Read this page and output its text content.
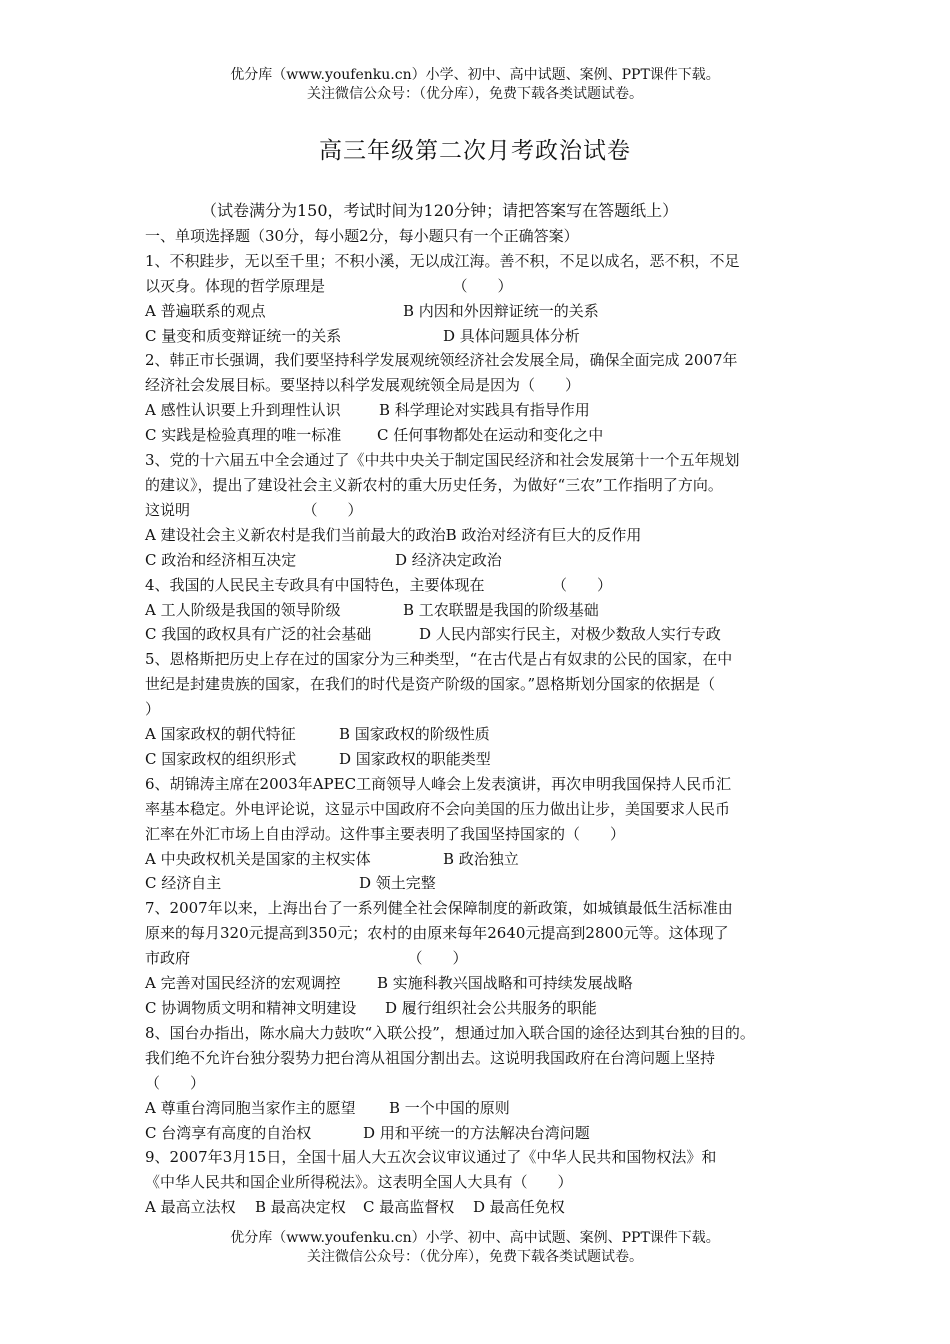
优分库（www.youfenku.cn）小学、初中、高中试题、案例、PPT课件下载。
关注微信公众号：（优分库），免费下载各类试题试卷。
高三年级第二次月考政治试卷
（试卷满分为150，考试时间为120分钟；请把答案写在答题纸上）
一、单项选择题（30分，每小题2分，每小题只有一个正确答案）
1、不积跬步，无以至千里；不积小溪，无以成江海。善不积，不足以成名，恶不积，不足
以灭身。体现的哲学原理是　　　　　　　　　（　　）
A 普遍联系的观点	B 内因和外因辩证统一的关系
C 量变和质变辩证统一的关系	D 具体问题具体分析
2、韩正市长强调，我们要坚持科学发展观统领经济社会发展全局，确保全面完成 2007年
经济社会发展目标。要坚持以科学发展观统领全局是因为（　　）
A 感性认识要上升到理性认识	B 科学理论对实践具有指导作用
C 实践是检验真理的唯一标准 C 任何事物都处在运动和变化之中
3、党的十六届五中全会通过了《中共中央关于制定国民经济和社会发展第十一个五年规划
的建议》，提出了建设社会主义新农村的重大历史任务，为做好“三农”工作指明了方向。
这说明　　　　　　　　（　　）
A 建设社会主义新农村是我们当前最大的政治B 政治对经济有巨大的反作用
C 政治和经济相互决定	D 经济决定政治
4、我国的人民民主专政具有中国特色，主要体现在　　　　　（　　）
A 工人阶级是我国的领导阶级	B 工农联盟是我国的阶级基础
C 我国的政权具有广泛的社会基础	D 人民内部实行民主，对极少数敌人实行专政
5、恩格斯把历史上存在过的国家分为三种类型，“在古代是占有奴隶的公民的国家，在中
世纪是封建贵族的国家，在我们的时代是资产阶级的国家。”恩格斯划分国家的依据是（
）
A 国家政权的朝代特征	B 国家政权的阶级性质
C 国家政权的组织形式	D 国家政权的职能类型
6、胡锦涛主席在2003年APEC工商领导人峰会上发表演讲，再次申明我国保持人民币汇
率基本稳定。外电评论说，这显示中国政府不会向美国的压力做出让步，美国要求人民币
汇率在外汇市场上自由浮动。这件事主要表明了我国坚持国家的（　　）
A 中央政权机关是国家的主权实体	B 政治独立
C 经济自主	D 领土完整
7、2007年以来，上海出台了一系列健全社会保障制度的新政策，如城镇最低生活标准由
原来的每月320元提高到350元；农村的由原来每年2640元提高到2800元等。这体现了
市政府　　　　　　　　　　　　　　　（　　）
A 完善对国民经济的宏观调控 B 实施科教兴国战略和可持续发展战略
C 协调物质文明和精神文明建设 D 履行组织社会公共服务的职能
8、国台办指出，陈水扁大力鼓吹“入联公投”，想通过加入联合国的途径达到其台独的目的。
我们绝不允许台独分裂势力把台湾从祖国分割出去。这说明我国政府在台湾问题上坚持
（　　）
A 尊重台湾同胞当家作主的愿望 B 一个中国的原则
C 台湾享有高度的自治权	D 用和平统一的方法解决台湾问题
9、2007年3月15日，全国十届人大五次会议审议通过了《中华人民共和国物权法》和
《中华人民共和国企业所得税法》。这表明全国人大具有（　　）
A 最高立法权 B 最高决定权 C 最高监督权 D 最高任免权
优分库（www.youfenku.cn）小学、初中、高中试题、案例、PPT课件下载。
关注微信公众号：（优分库），免费下载各类试题试卷。
